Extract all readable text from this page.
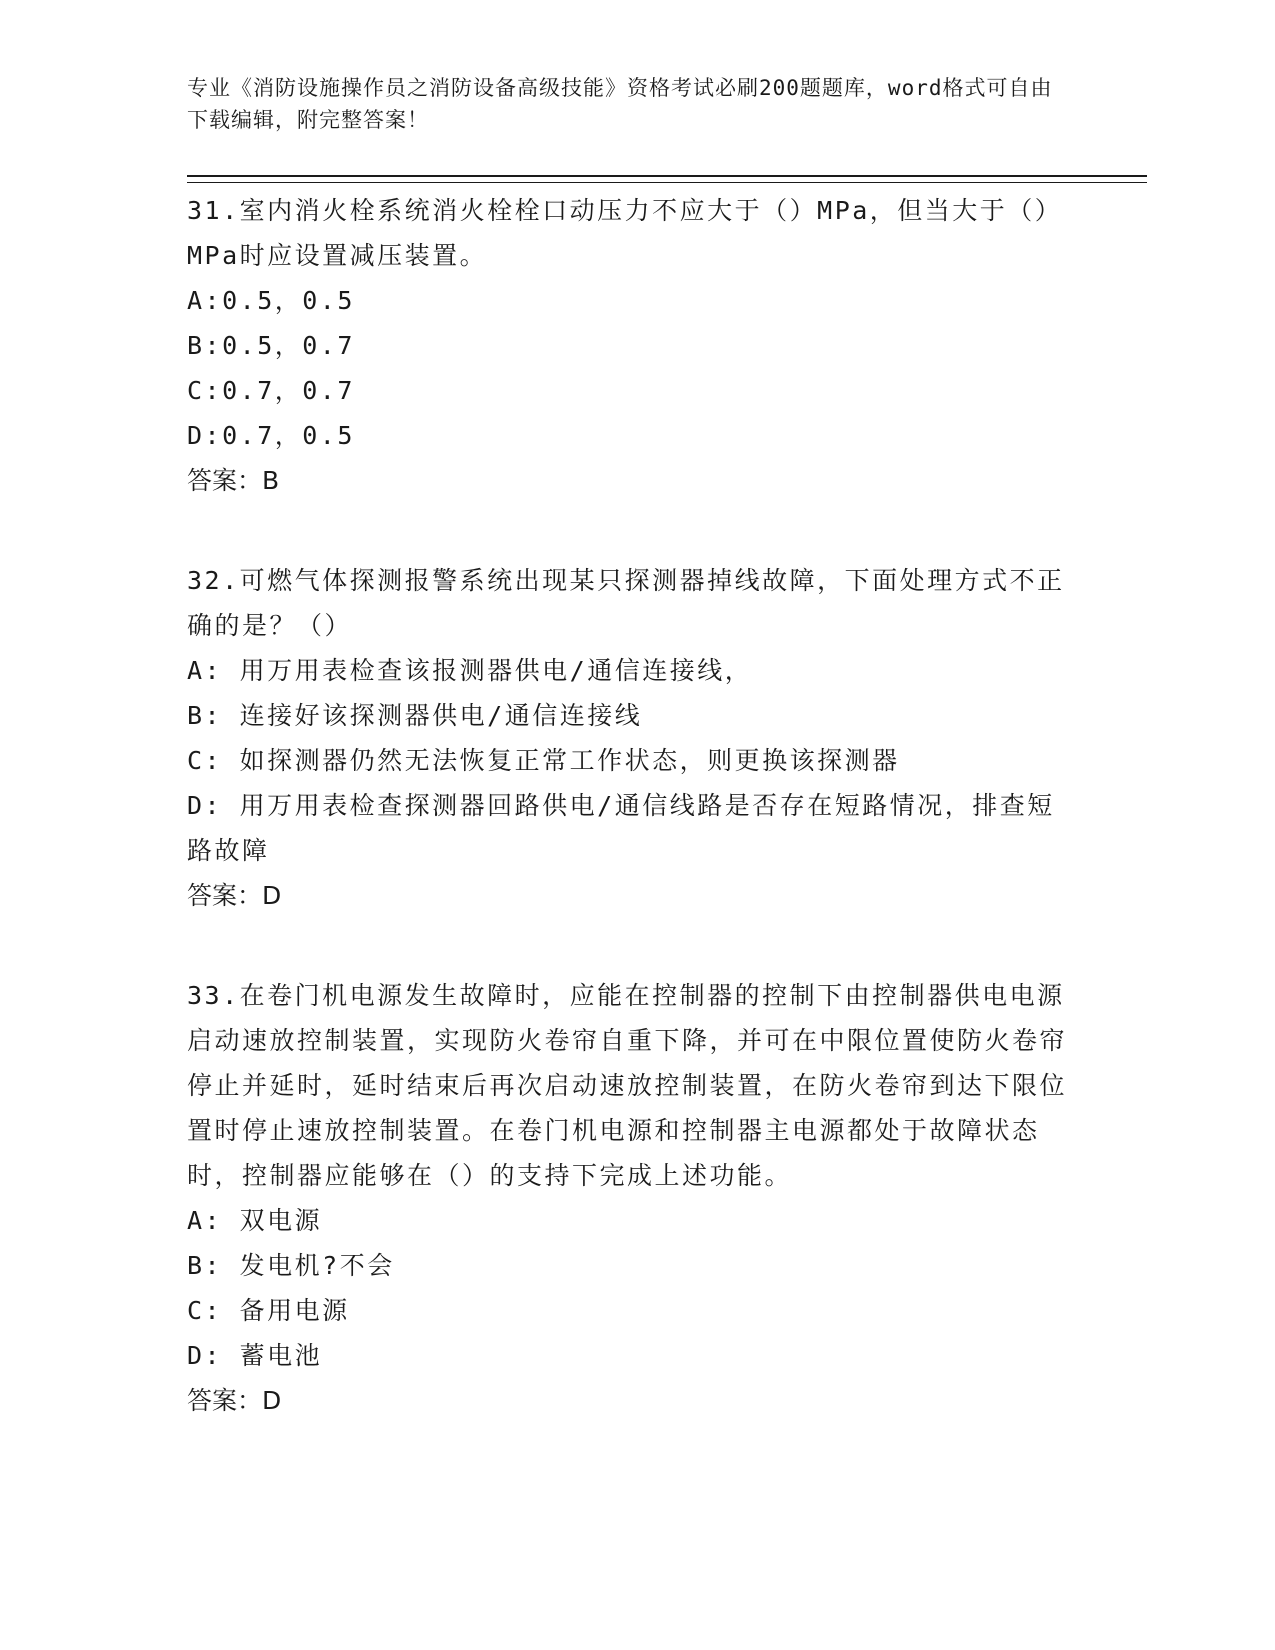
专业《消防设施操作员之消防设备高级技能》资格考试必刷200题题库，word格式可自由下载编辑，附完整答案！
31.室内消火栓系统消火栓栓口动压力不应大于（）MPa，但当大于（）MPa时应设置减压装置。
A:0.5，0.5
B:0.5，0.7
C:0.7，0.7
D:0.7，0.5
答案：B
32.可燃气体探测报警系统出现某只探测器掉线故障，下面处理方式不正确的是？（）
A: 用万用表检查该报测器供电/通信连接线，
B: 连接好该探测器供电/通信连接线
C: 如探测器仍然无法恢复正常工作状态，则更换该探测器
D: 用万用表检查探测器回路供电/通信线路是否存在短路情况，排查短路故障
答案：D
33.在卷门机电源发生故障时，应能在控制器的控制下由控制器供电电源启动速放控制装置，实现防火卷帘自重下降，并可在中限位置使防火卷帘停止并延时，延时结束后再次启动速放控制装置，在防火卷帘到达下限位置时停止速放控制装置。在卷门机电源和控制器主电源都处于故障状态时，控制器应能够在（）的支持下完成上述功能。
A: 双电源
B: 发电机?不会
C: 备用电源
D: 蓄电池
答案：D
